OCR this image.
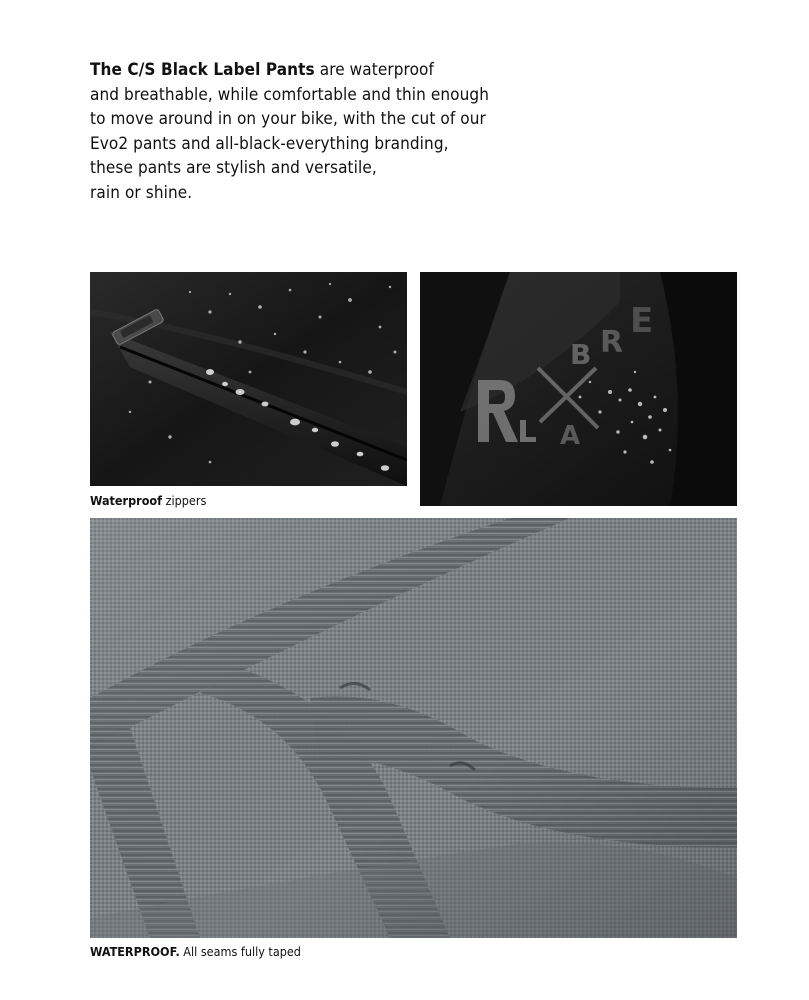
The C/S Black Label Pants are waterproof
and breathable, while comfortable and thin enough
to move around in on your bike, with the cut of our
Evo2 pants and all-black-everything branding,
these pants are stylish and versatile,
rain or shine.
B R
E
A
Waterproof zippers
WATERPROOF. All seams fully taped
